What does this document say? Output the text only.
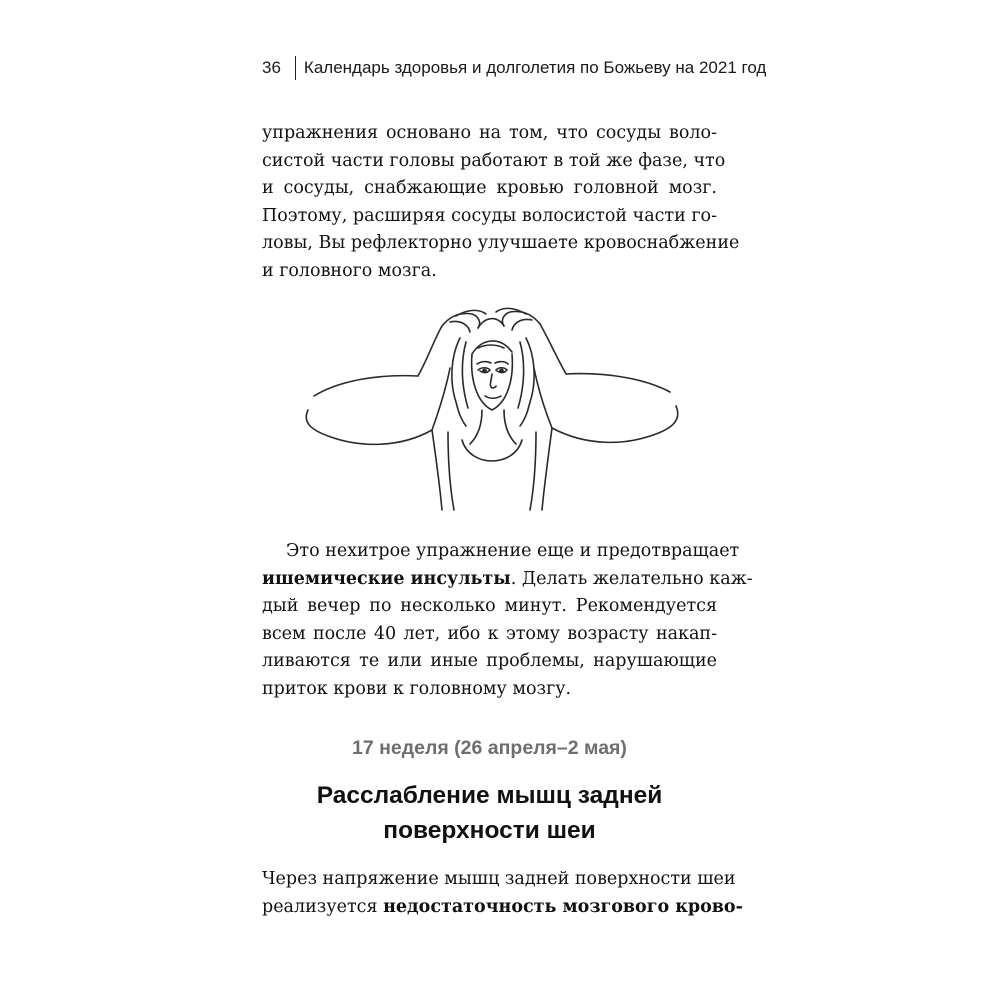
36 Календарь здоровья и долголетия по Божьеву на 2021 год
упражнения основано на том, что сосуды воло-
систой части головы работают в той же фазе, что
и сосуды, снабжающие кровью головной мозг.
Поэтому, расширяя сосуды волосистой части го-
ловы, Вы рефлекторно улучшаете кровоснабжение
и головного мозга.
Это нехитрое упражнение еще и предотвращает
ишемические инсульты. Делать желательно каж-
дый вечер по несколько минут. Рекомендуется
всем после 40 лет, ибо к этому возрасту накап-
ливаются те или иные проблемы, нарушающие
приток крови к головному мозгу.
17 неделя (26 апреля–2 мая)
Расслабление мышц задней
поверхности шеи
Через напряжение мышц задней поверхности шеи
реализуется недостаточность мозгового крово-
